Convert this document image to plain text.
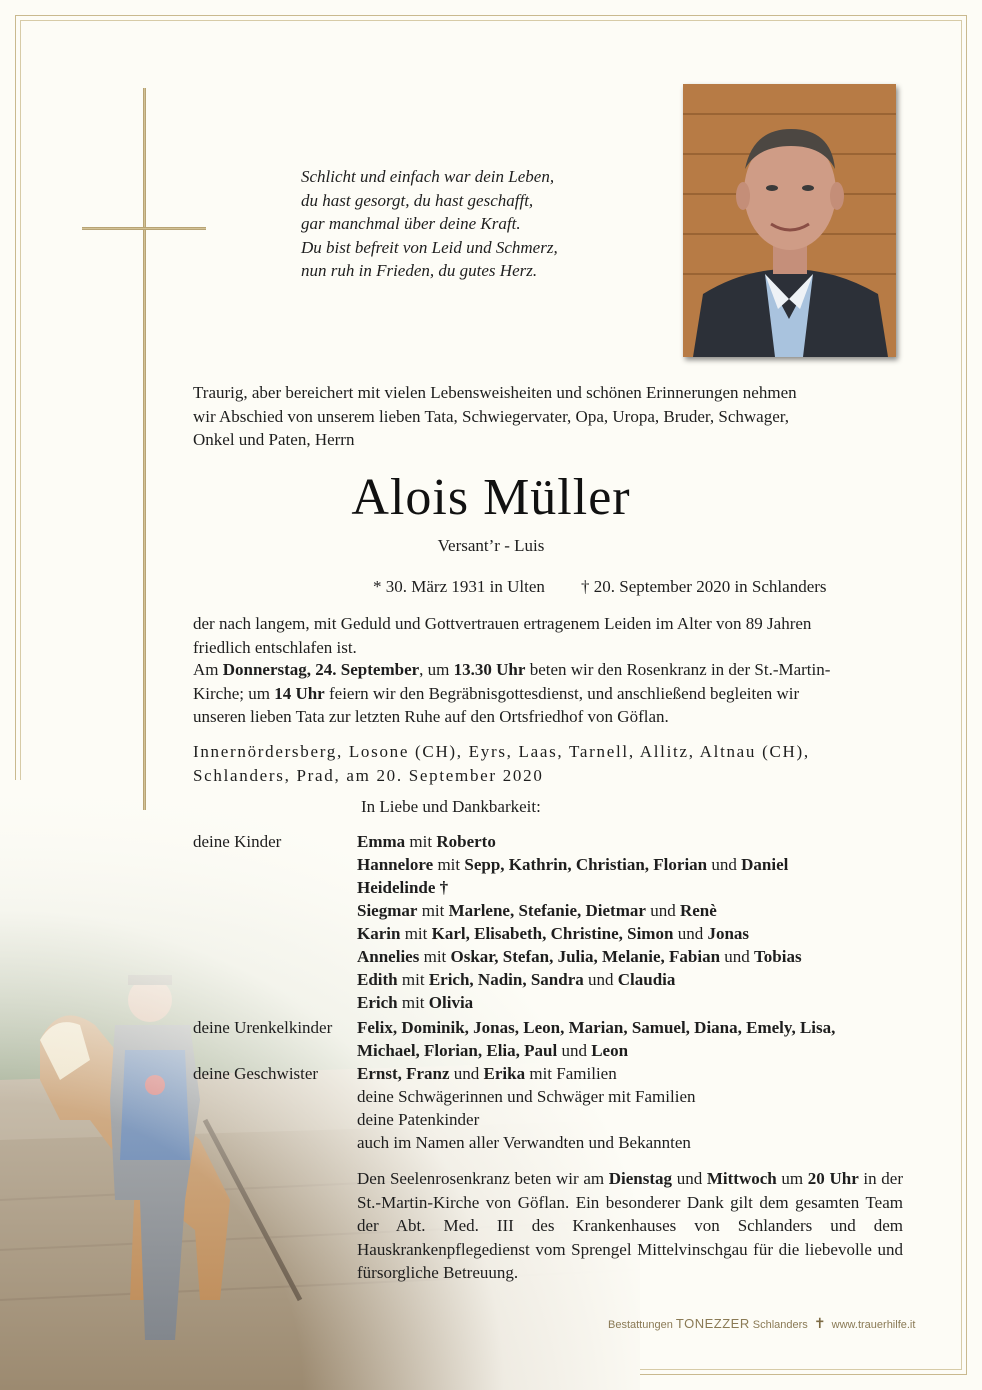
Schlicht und einfach war dein Leben,
du hast gesorgt, du hast geschafft,
gar manchmal über deine Kraft.
Du bist befreit von Leid und Schmerz,
nun ruh in Frieden, du gutes Herz.
Traurig, aber bereichert mit vielen Lebensweisheiten und schönen Erinnerungen nehmen
wir Abschied von unserem lieben Tata, Schwiegervater, Opa, Uropa, Bruder, Schwager,
Onkel und Paten, Herrn
Alois Müller
Versant’r - Luis
* 30. März 1931 in Ulten † 20. September 2020 in Schlanders
der nach langem, mit Geduld und Gottvertrauen ertragenem Leiden im Alter von 89 Jahren
friedlich entschlafen ist.
Am Donnerstag, 24. September, um 13.30 Uhr beten wir den Rosenkranz in der St.-Martin-
Kirche; um 14 Uhr feiern wir den Begräbnisgottesdienst, und anschließend begleiten wir
unseren lieben Tata zur letzten Ruhe auf den Ortsfriedhof von Göflan.
Innernördersberg, Losone (CH), Eyrs, Laas, Tarnell, Allitz, Altnau (CH),
Schlanders, Prad, am 20. September 2020
In Liebe und Dankbarkeit:
deine Kinder	Emma mit Roberto
Hannelore mit Sepp, Kathrin, Christian, Florian und Daniel
Heidelinde †
Siegmar mit Marlene, Stefanie, Dietmar und Renè
Karin mit Karl, Elisabeth, Christine, Simon und Jonas
Annelies mit Oskar, Stefan, Julia, Melanie, Fabian und Tobias
Edith mit Erich, Nadin, Sandra und Claudia
Erich mit Olivia
deine Urenkelkinder Felix, Dominik, Jonas, Leon, Marian, Samuel, Diana, Emely, Lisa,
Michael, Florian, Elia, Paul und Leon
deine Geschwister Ernst, Franz und Erika mit Familien
deine Schwägerinnen und Schwäger mit Familien
deine Patenkinder
auch im Namen aller Verwandten und Bekannten
Den Seelenrosenkranz beten wir am Dienstag und Mittwoch um 20 Uhr in der St.-Martin-Kirche von Göflan. Ein besonderer Dank gilt dem gesamten Team der Abt. Med. III des Krankenhauses von Schlanders und dem Hauskrankenpflegedienst vom Sprengel Mittelvinschgau für die liebevolle und fürsorgliche Betreuung.
Bestattungen TONEZZER Schlanders ✝ www.trauerhilfe.it
